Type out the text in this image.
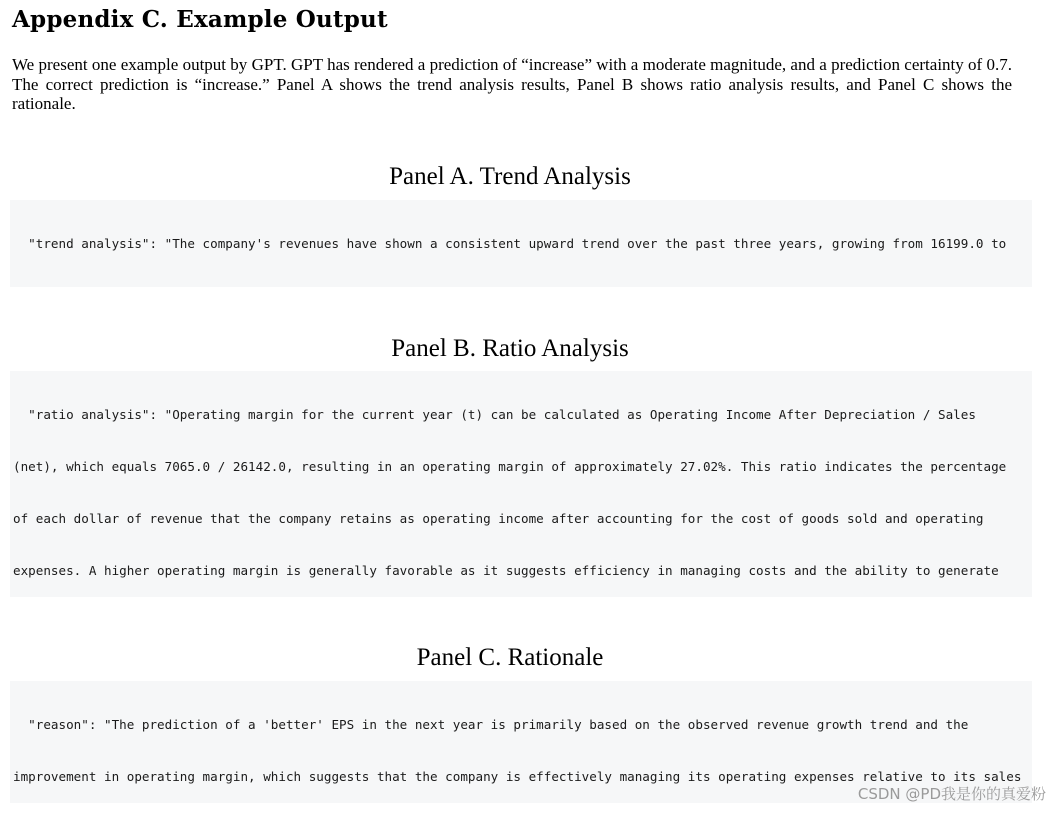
Appendix C. Example Output
We present one example output by GPT. GPT has rendered a prediction of “increase” with a moderate magnitude, and a prediction certainty of 0.7. The correct prediction is “increase.” Panel A shows the trend analysis results, Panel B shows ratio analysis results, and Panel C shows the rationale.
Panel A. Trend Analysis

"trend analysis": "The company's revenues have shown a consistent upward trend over the past three years, growing from 16199.0 to

Panel B. Ratio Analysis

"ratio analysis": "Operating margin for the current year (t) can be calculated as Operating Income After Depreciation / Sales

(net), which equals 7065.0 / 26142.0, resulting in an operating margin of approximately 27.02%. This ratio indicates the percentage

of each dollar of revenue that the company retains as operating income after accounting for the cost of goods sold and operating

expenses. A higher operating margin is generally favorable as it suggests efficiency in managing costs and the ability to generate

Panel C. Rationale

"reason": "The prediction of a 'better' EPS in the next year is primarily based on the observed revenue growth trend and the

improvement in operating margin, which suggests that the company is effectively managing its operating expenses relative to its sales

CSDN @PD我是你的真爱粉
